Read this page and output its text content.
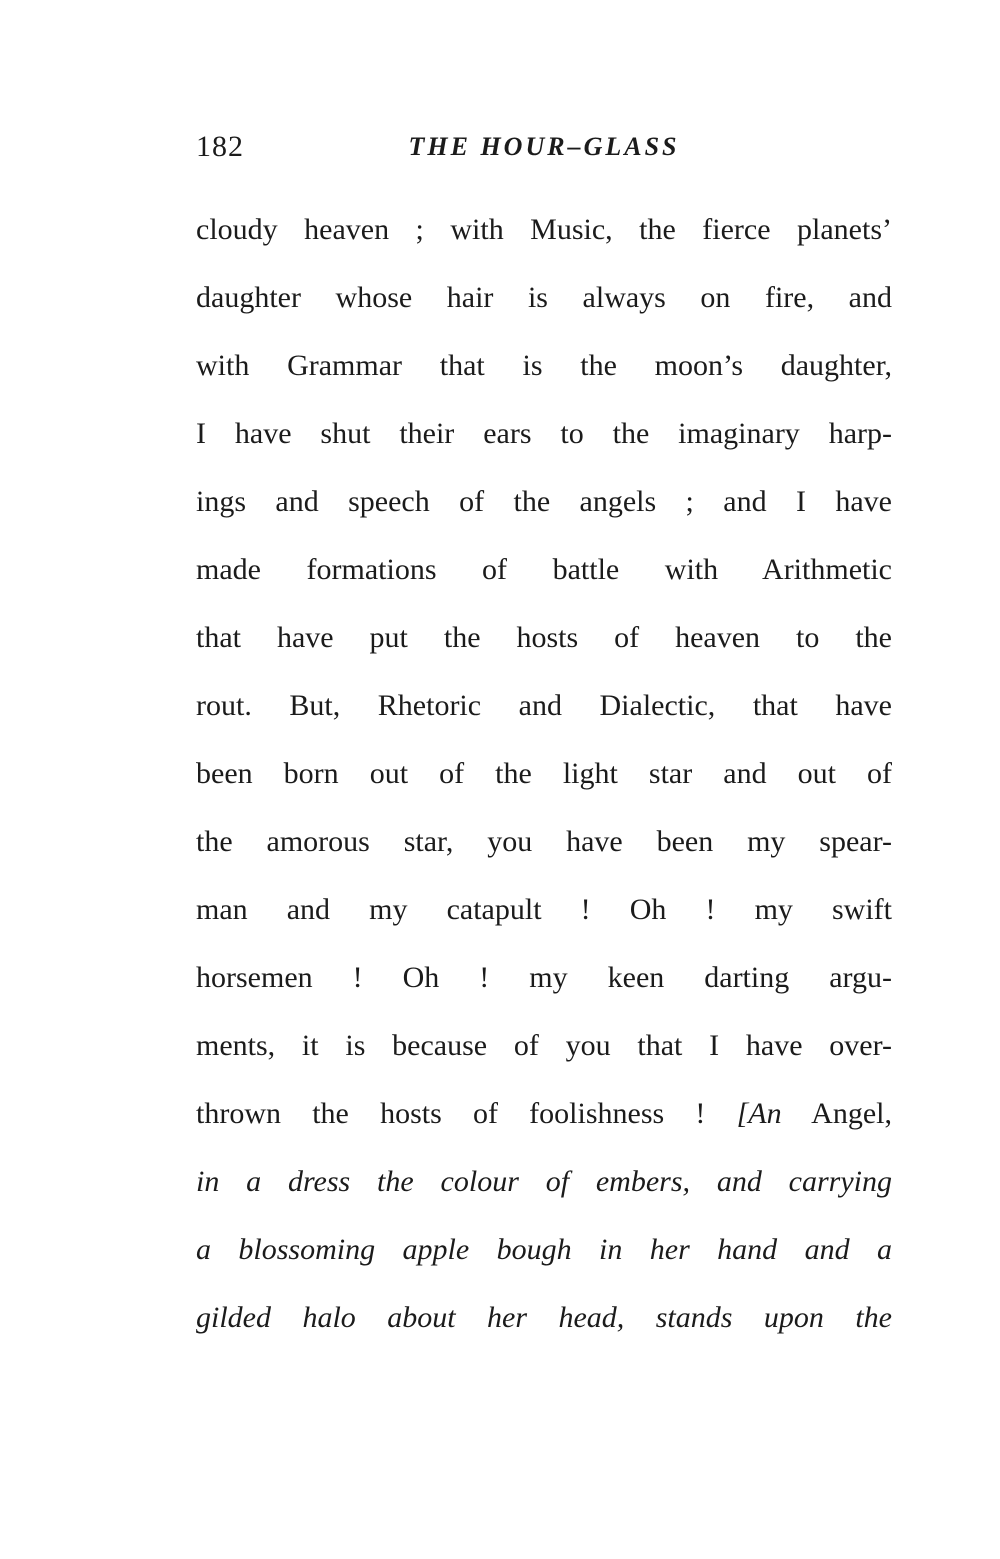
182	THE HOUR–GLASS
cloudy heaven ; with Music, the fierce planets’
daughter whose hair is always on fire, and
with Grammar that is the moon’s daughter,
I have shut their ears to the imaginary harp-
ings and speech of the angels ; and I have
made formations of battle with Arithmetic
that have put the hosts of heaven to the
rout. But, Rhetoric and Dialectic, that have
been born out of the light star and out of
the amorous star, you have been my spear-
man and my catapult ! Oh ! my swift
horsemen ! Oh ! my keen darting argu-
ments, it is because of you that I have over-
thrown the hosts of foolishness ! [An Angel,
in a dress the colour of embers, and carrying
a blossoming apple bough in her hand and a
gilded halo about her head, stands upon the
